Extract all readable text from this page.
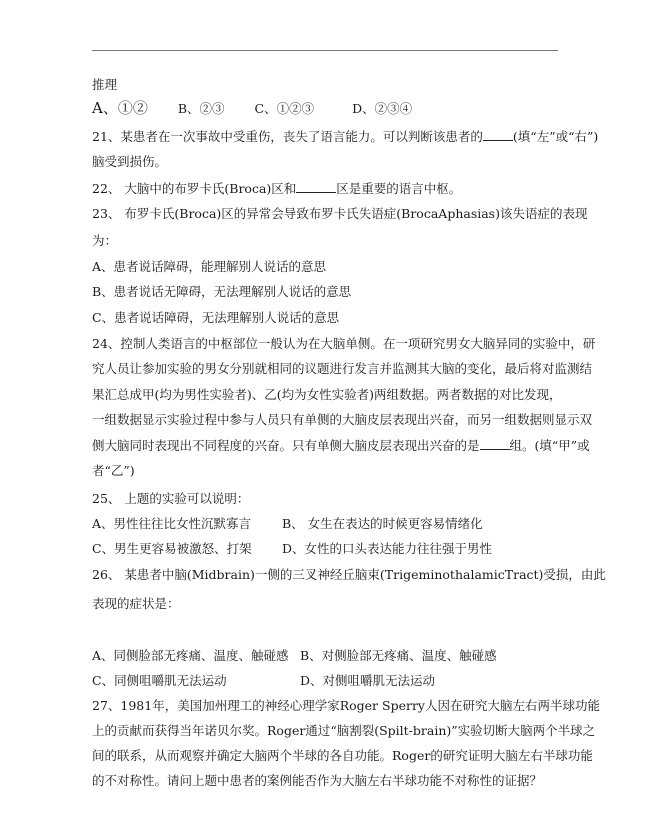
推理
A、①② B、②③ C、①②③	D、②③④
21、某患者在一次事故中受重伤，丧失了语言能力。可以判断该患者的 (填“左”或“右”)
脑受到损伤。
22、 大脑中的布罗卡氏(Broca)区和	区是重要的语言中枢。
23、 布罗卡氏(Broca)区的异常会导致布罗卡氏失语症(BrocaAphasias)该失语症的表现
为：
A、患者说话障碍，能理解别人说话的意思
B、患者说话无障碍，无法理解别人说话的意思
C、患者说话障碍，无法理解别人说话的意思
24、控制人类语言的中枢部位一般认为在大脑单侧。在一项研究男女大脑异同的实验中，研
究人员让参加实验的男女分别就相同的议题进行发言并监测其大脑的变化，最后将对监测结
果汇总成甲(均为男性实验者)、乙(均为女性实验者)两组数据。两者数据的对比发现，
一组数据显示实验过程中参与人员只有单侧的大脑皮层表现出兴奋，而另一组数据则显示双
侧大脑同时表现出不同程度的兴奋。只有单侧大脑皮层表现出兴奋的是 组。(填“甲”或
者“乙”)
25、 上题的实验可以说明：
A、男性往往比女性沉默寡言 B、 女生在表达的时候更容易情绪化
C、男生更容易被激怒、打架 D、女性的口头表达能力往往强于男性
26、 某患者中脑(Midbrain)一侧的三叉神经丘脑束(TrigeminothalamicTract)受损，由此
表现的症状是：
A、同侧脸部无疼痛、温度、触碰感 B、对侧脸部无疼痛、温度、触碰感
C、同侧咀嚼肌无法运动	D、对侧咀嚼肌无法运动
27、1981年，美国加州理工的神经心理学家Roger Sperry人因在研究大脑左右两半球功能
上的贡献而获得当年诺贝尔奖。Roger通过“脑割裂(Spilt-brain)”实验切断大脑两个半球之
间的联系，从而观察并确定大脑两个半球的各自功能。Roger的研究证明大脑左右半球功能
的不对称性。请问上题中患者的案例能否作为大脑左右半球功能不对称性的证据？
